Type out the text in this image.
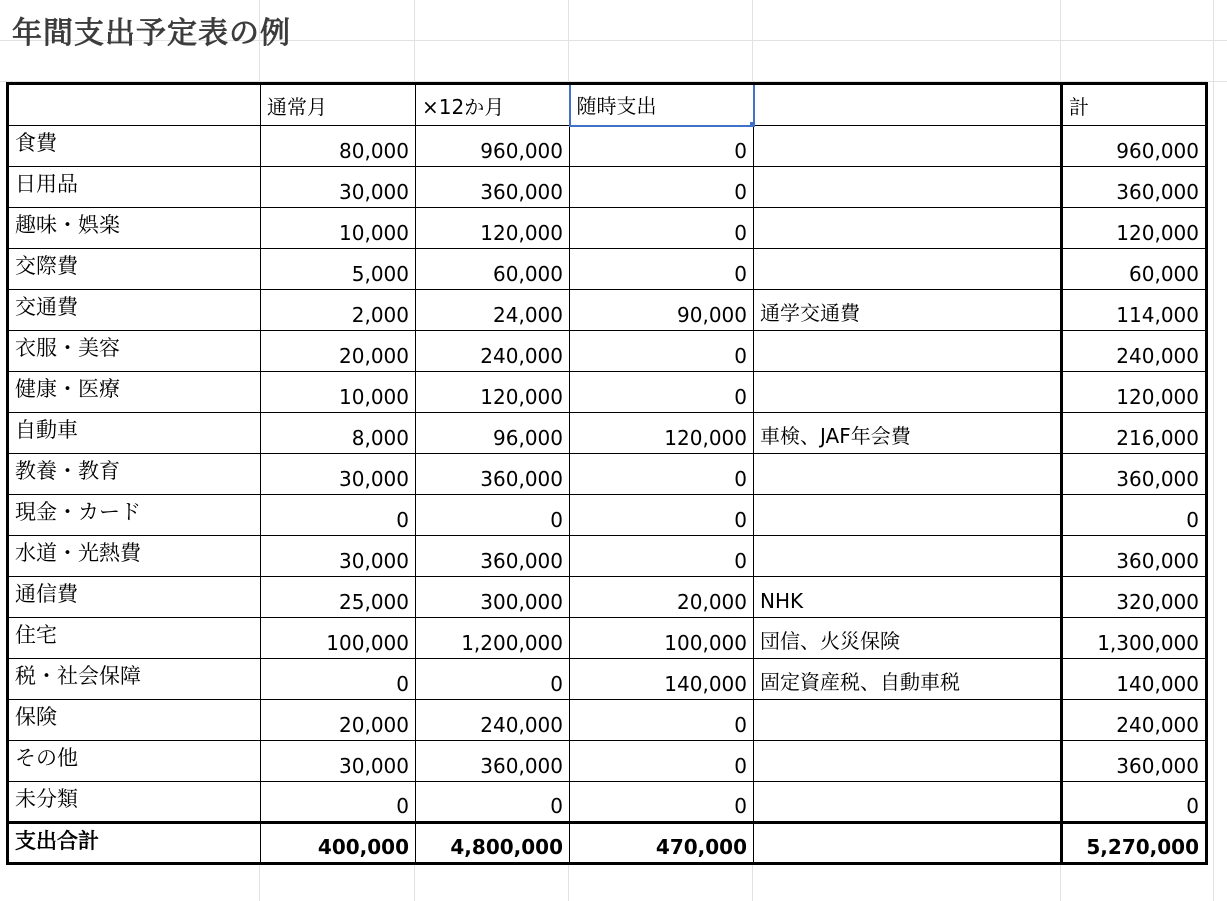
年間支出予定表の例
	通常月	×12か月	随時支出		計
食費	80,000	960,000	0		960,000
日用品	30,000	360,000	0		360,000
趣味・娯楽	10,000	120,000	0		120,000
交際費	5,000	60,000	0		60,000
交通費	2,000	24,000	90,000	通学交通費	114,000
衣服・美容	20,000	240,000	0		240,000
健康・医療	10,000	120,000	0		120,000
自動車	8,000	96,000	120,000	車検、JAF年会費	216,000
教養・教育	30,000	360,000	0		360,000
現金・カード	0	0	0		0
水道・光熱費	30,000	360,000	0		360,000
通信費	25,000	300,000	20,000	NHK	320,000
住宅	100,000	1,200,000	100,000	団信、火災保険	1,300,000
税・社会保障	0	0	140,000	固定資産税、自動車税	140,000
保険	20,000	240,000	0		240,000
その他	30,000	360,000	0		360,000
未分類	0	0	0		0
支出合計	400,000	4,800,000	470,000		5,270,000
